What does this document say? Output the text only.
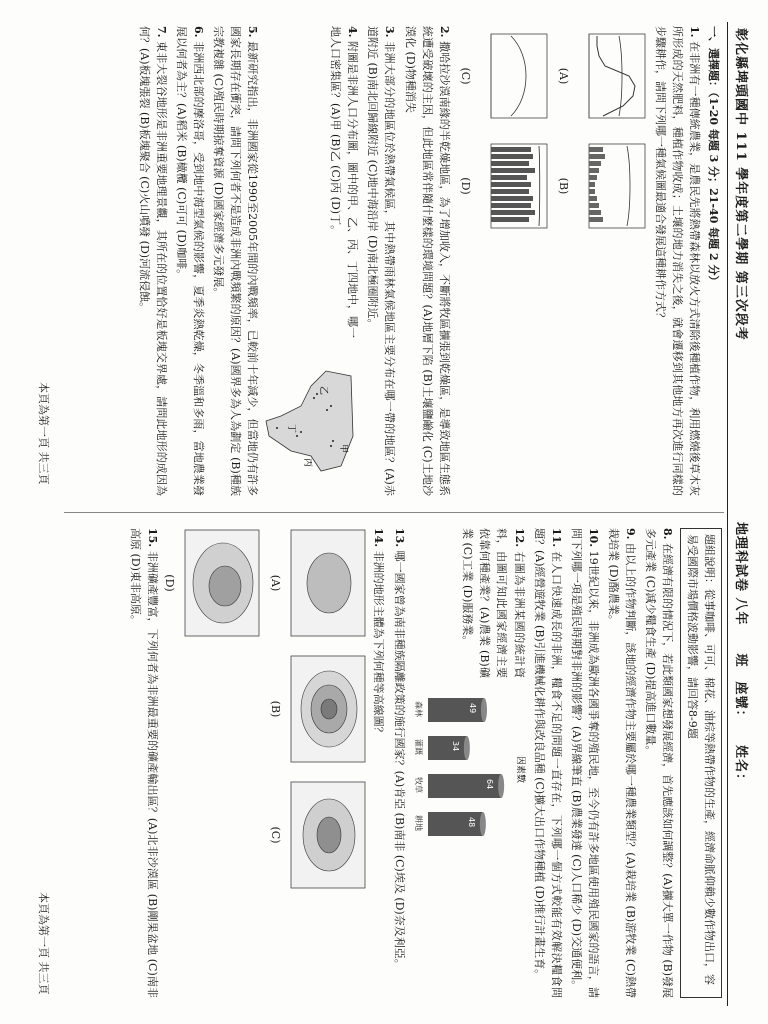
彰化縣埤頭國中 111 學年度第二學期 第三次段考
地理科試卷 八年　　班　座號：　　姓名：
一、選擇題：（1-20 每題 3 分；21-40 每題 2 分）
1. 在非洲有一種傳統農業，是農民先將熱帶森林以放火方式清除後種植作物，利用燃燒後草木灰所形成的天然肥料，種植作物收成；土壤的地力消失之後，就會遷移到其他地方再次進行同樣的步驟耕作，請問下列哪一種氣候圖最適合發展這種耕作方式？
(A)
(B)
(C)
(D)
2. 撒哈拉沙漠南緣的半乾燥地區，為了增加收入，不斷將牧區擴張到乾燥區，是導致地區生態系統遭受破壞的主因，但此地區常伴隨什麼樣的環境問題？(A)地層下陷 (B)土壤鹽鹼化 (C)土地沙漠化 (D)物種消失
3. 非洲大部分的地區位於熱帶氣候區，其中熱帶雨林氣候地區主要分布在哪一帶的地區？(A)赤道附近 (B)南北回歸線附近 (C)地中海沿岸 (D)南北極圈附近。
4. 附圖是非洲人口分布圖，圖中的甲、乙、丙、丁四地中，哪一地人口密集區？(A)甲 (B)乙 (C)丙 (D)丁。
甲
乙
丙
丁
5. 最新研究指出，非洲國家從1990至2005年間的內戰頻率，已較前十年減少，但當地仍有許多國家長期存在衝突，請問下列何者不是造成非洲內戰頻繁的原因？(A)國界多為人為劃定 (B)種族宗教複雜 (C)殖民時期掠奪資源 (D)國家經濟多元發展。
6. 非洲西北部的摩洛哥，受到地中海型氣候的影響，夏季炎熱乾燥，冬季溫和多雨，當地農業發展以何者為主？(A)稻米 (B)橄欖 (C)可可 (D)咖啡。
7. 東非大裂谷地形是非洲重要地理景觀，其所在的位置恰好是板塊交界處，請問此地形的成因為何？(A)板塊張裂 (B)板塊聚合 (C)火山噴發 (D)河流侵蝕。
題組說明：從事咖啡、可可、棉花、油棕等熱帶作物的生產，經濟命脈仰賴少數作物出口，容易受國際市場價格波動影響，請回答8-9題
8. 在經濟有限的情況下，若此類國家想發展經濟，首先應該如何調整？(A)擴大單一作物 (B)發展多元產業 (C)減少糧食生產 (D)提高進口數量。
9. 由以上的作物判斷，該地的經濟作物主要屬於哪一種農業類型？(A)栽培業 (B)游牧業 (C)熱帶栽培業 (D)酪農業。
10. 19世紀以來，非洲成為歐洲各國爭奪的殖民地，至今仍有許多地區使用殖民國家的語言，請問下列哪一項是殖民時期對非洲的影響？(A)界線筆直 (B)農業發達 (C)人口稀少 (D)交通便利。
11. 在人口快速成長的非洲，糧食不足的問題一直存在，下列哪一個方式較能有效解決糧食問題？(A)經營遊牧業 (B)引進機械化耕作與改良品種 (C)擴大出口作物種植 (D)推行計畫生育。
12. 右圖為非洲某國的統計資料，由圖可知此國家經濟主要依靠何種產業？(A)農業 (B)礦業 (C)工業 (D)服務業。
因素數
49
森林
34
灌溉
64
牧草
48
耕地
13. 哪一國家曾為南非種族隔離政策的施行國家？(A)肯亞 (B)南非 (C)埃及 (D)奈及利亞。
14. 非洲的地形主體為下列何種等高線圖？
(A)
(B)
(C)
(D)
15. 非洲礦產豐富，下列何者為非洲最重要的礦產輸出區？(A)北非沙漠區 (B)剛果盆地 (C)南非高原 (D)東非高原。
本頁為第一頁 共三頁
本頁為第一頁 共三頁
